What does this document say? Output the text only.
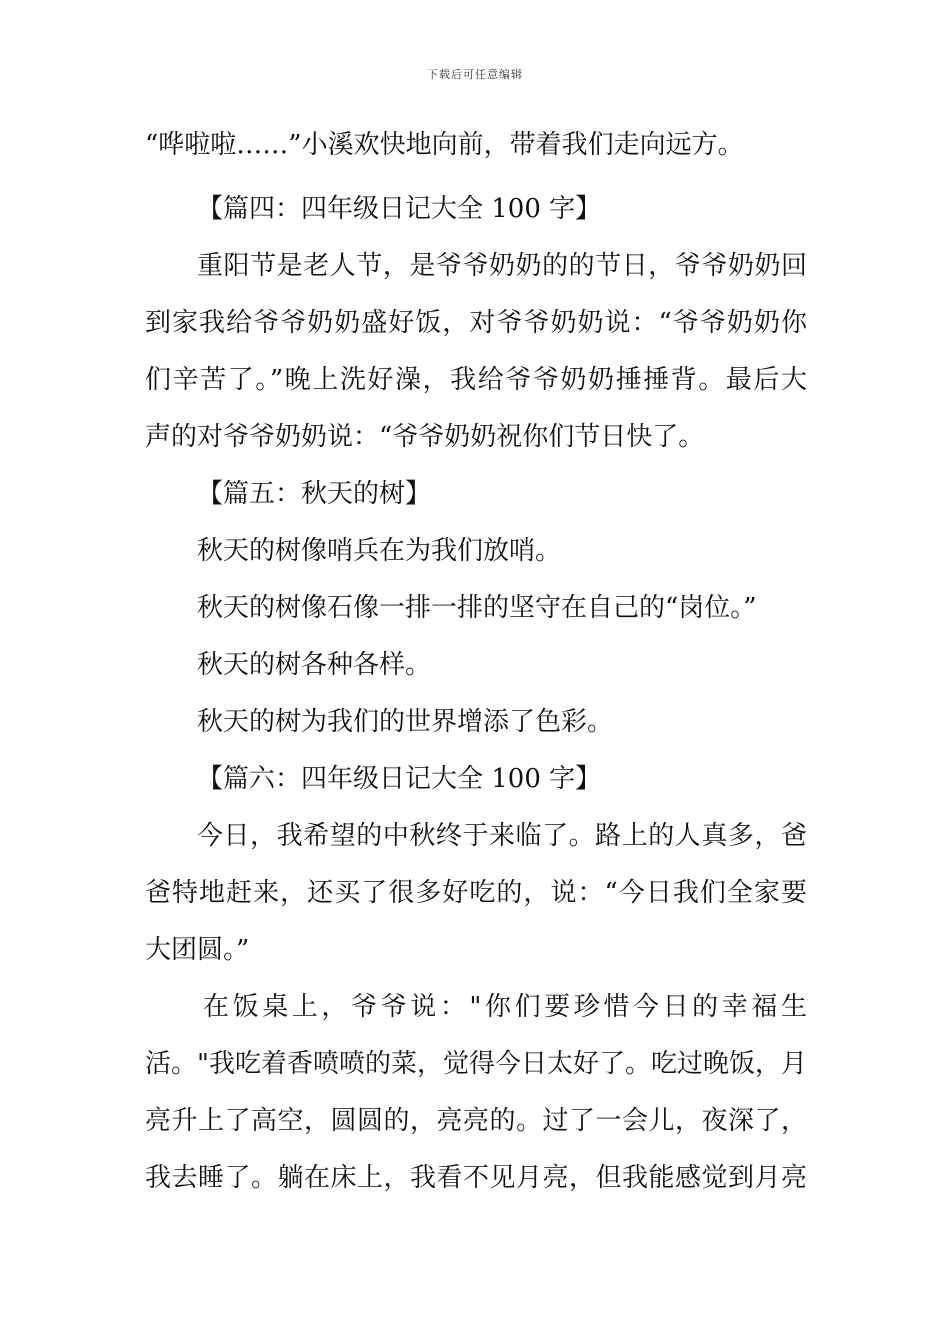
下载后可任意编辑
“哗啦啦……”小溪欢快地向前，带着我们走向远方。
【篇四：四年级日记大全 100 字】
重阳节是老人节，是爷爷奶奶的的节日，爷爷奶奶回
到家我给爷爷奶奶盛好饭，对爷爷奶奶说：“爷爷奶奶你
们辛苦了。”晚上洗好澡，我给爷爷奶奶捶捶背。最后大
声的对爷爷奶奶说：“爷爷奶奶祝你们节日快了。
【篇五：秋天的树】
秋天的树像哨兵在为我们放哨。
秋天的树像石像一排一排的坚守在自己的“岗位。”
秋天的树各种各样。
秋天的树为我们的世界增添了色彩。
【篇六：四年级日记大全 100 字】
今日，我希望的中秋终于来临了。路上的人真多，爸
爸特地赶来，还买了很多好吃的，说：“今日我们全家要
大团圆。”
在饭桌上，爷爷说："你们要珍惜今日的幸福生
活。"我吃着香喷喷的菜，觉得今日太好了。吃过晚饭，月
亮升上了高空，圆圆的，亮亮的。过了一会儿，夜深了，
我去睡了。躺在床上，我看不见月亮，但我能感觉到月亮
